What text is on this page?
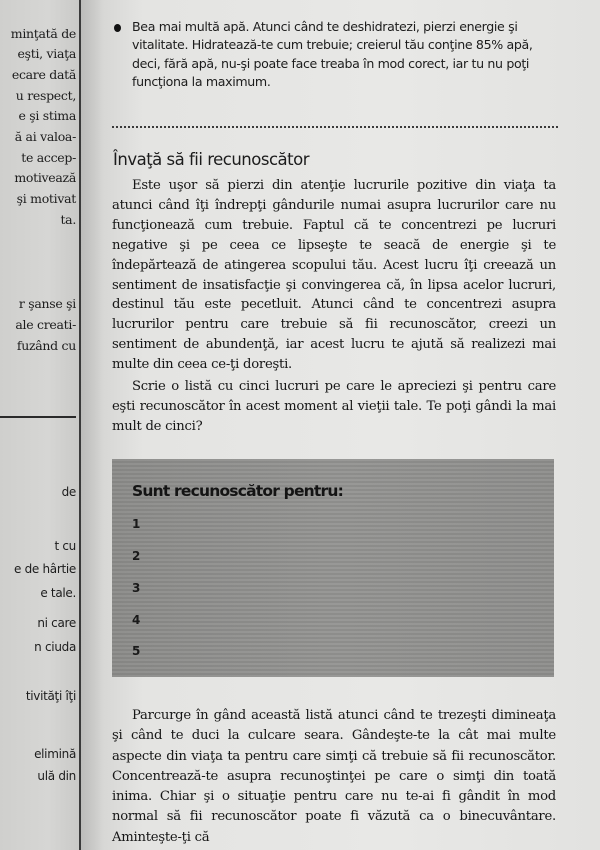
minţată de
eşti, viaţa
ecare dată
u respect,
e şi stima
ă ai valoa-
te accep-
motivează
şi motivat
ta.
r şanse şi
ale creati-
fuzând cu
de
t cu
e de hârtie
e tale.
ni care
n ciuda
tivităţi îţi
elimină
ulă din
Bea mai multă apă. Atunci când te deshidratezi, pierzi energie şi vitalitate. Hidratează-te cum trebuie; creierul tău conţine 85% apă, deci, fără apă, nu-şi poate face treaba în mod corect, iar tu nu poţi funcţiona la maximum.
Învaţă să fii recunoscător
Este uşor să pierzi din atenţie lucrurile pozitive din viaţa ta atunci când îţi îndrepţi gândurile numai asupra lucrurilor care nu funcţionează cum trebuie. Faptul că te concentrezi pe lucruri negative şi pe ceea ce lipseşte te seacă de energie şi te îndepărtează de atingerea scopului tău. Acest lucru îţi creează un sentiment de insatisfacţie şi convingerea că, în lipsa acelor lucruri, destinul tău este pecetluit. Atunci când te concentrezi asupra lucrurilor pentru care trebuie să fii recunoscător, creezi un sentiment de abundenţă, iar acest lucru te ajută să realizezi mai multe din ceea ce-ţi doreşti.
Scrie o listă cu cinci lucruri pe care le apreciezi şi pentru care eşti recunoscător în acest moment al vieţii tale. Te poţi gândi la mai mult de cinci?
Sunt recunoscător pentru:
1
2
3
4
5
Parcurge în gând această listă atunci când te trezeşti dimineaţa şi când te duci la culcare seara. Gândeşte-te la cât mai multe aspecte din viaţa ta pentru care simţi că trebuie să fii recunoscător. Concentrează-te asupra recunoştinţei pe care o simţi din toată inima. Chiar şi o situaţie pentru care nu te-ai fi gândit în mod normal să fii recunoscător poate fi văzută ca o binecuvântare. Aminteşte-ţi că
